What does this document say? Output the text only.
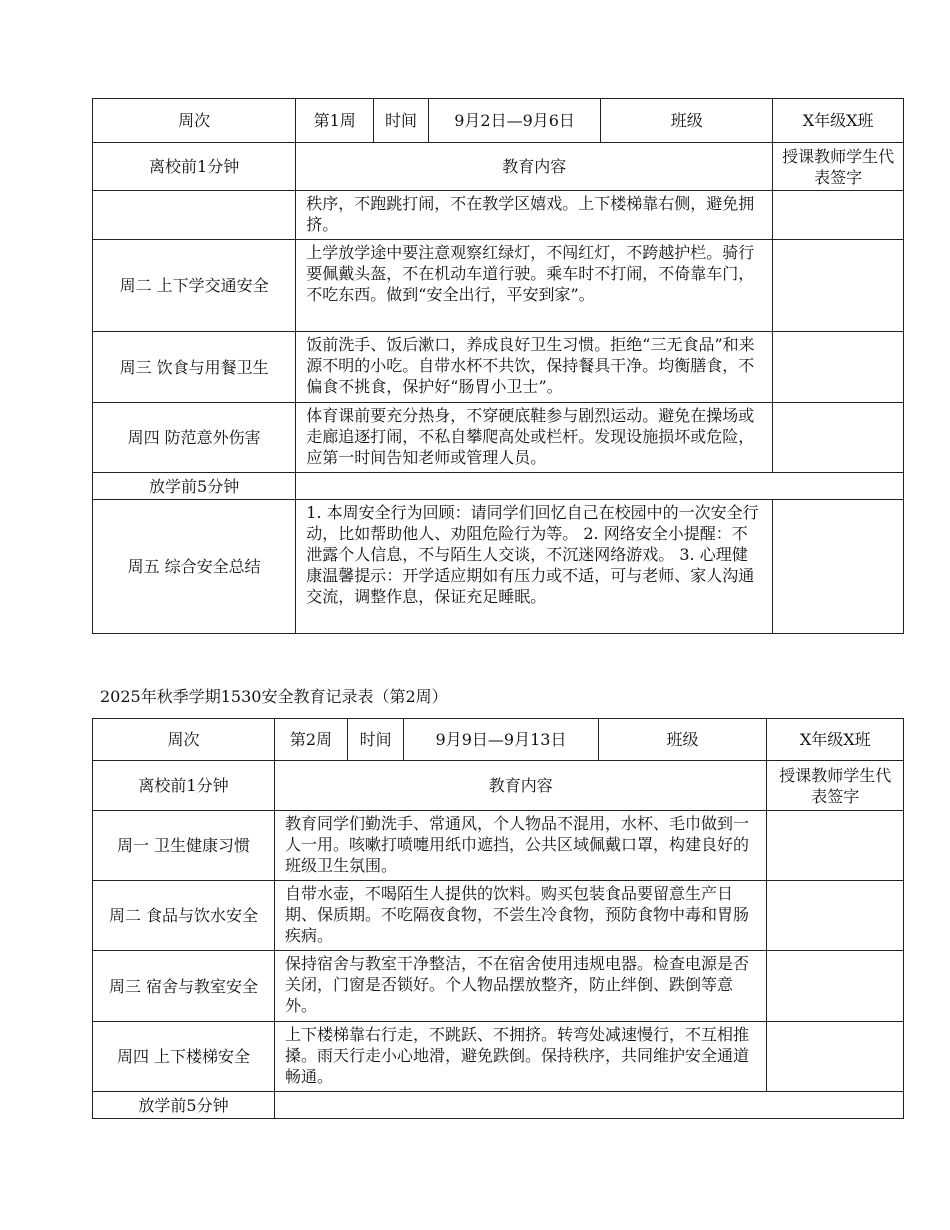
周次	第1周	时间	9月2日—9月6日	班级	X年级X班
离校前1分钟	教育内容				授课教师学生代表签字
	秩序，不跑跳打闹，不在教学区嬉戏。上下楼梯靠右侧，避免拥挤。				
周二 上下学交通安全	上学放学途中要注意观察红绿灯，不闯红灯，不跨越护栏。骑行要佩戴头盔，不在机动车道行驶。乘车时不打闹，不倚靠车门，不吃东西。做到“安全出行，平安到家”。				
周三 饮食与用餐卫生	饭前洗手、饭后漱口，养成良好卫生习惯。拒绝“三无食品”和来源不明的小吃。自带水杯不共饮，保持餐具干净。均衡膳食，不偏食不挑食，保护好“肠胃小卫士”。				
周四 防范意外伤害	体育课前要充分热身，不穿硬底鞋参与剧烈运动。避免在操场或走廊追逐打闹，不私自攀爬高处或栏杆。发现设施损坏或危险，应第一时间告知老师或管理人员。				
放学前5分钟					
周五 综合安全总结	1. 本周安全行为回顾：请同学们回忆自己在校园中的一次安全行动，比如帮助他人、劝阻危险行为等。 2. 网络安全小提醒：不泄露个人信息，不与陌生人交谈，不沉迷网络游戏。 3. 心理健康温馨提示：开学适应期如有压力或不适，可与老师、家人沟通交流，调整作息，保证充足睡眠。				
2025年秋季学期1530安全教育记录表（第2周）
周次	第2周	时间	9月9日—9月13日	班级	X年级X班
离校前1分钟	教育内容				授课教师学生代表签字
周一 卫生健康习惯	教育同学们勤洗手、常通风，个人物品不混用，水杯、毛巾做到一人一用。咳嗽打喷嚏用纸巾遮挡，公共区域佩戴口罩，构建良好的班级卫生氛围。				
周二 食品与饮水安全	自带水壶，不喝陌生人提供的饮料。购买包装食品要留意生产日期、保质期。不吃隔夜食物，不尝生冷食物，预防食物中毒和胃肠疾病。				
周三 宿舍与教室安全	保持宿舍与教室干净整洁，不在宿舍使用违规电器。检查电源是否关闭，门窗是否锁好。个人物品摆放整齐，防止绊倒、跌倒等意外。				
周四 上下楼梯安全	上下楼梯靠右行走，不跳跃、不拥挤。转弯处减速慢行，不互相推搡。雨天行走小心地滑，避免跌倒。保持秩序，共同维护安全通道畅通。				
放学前5分钟					
